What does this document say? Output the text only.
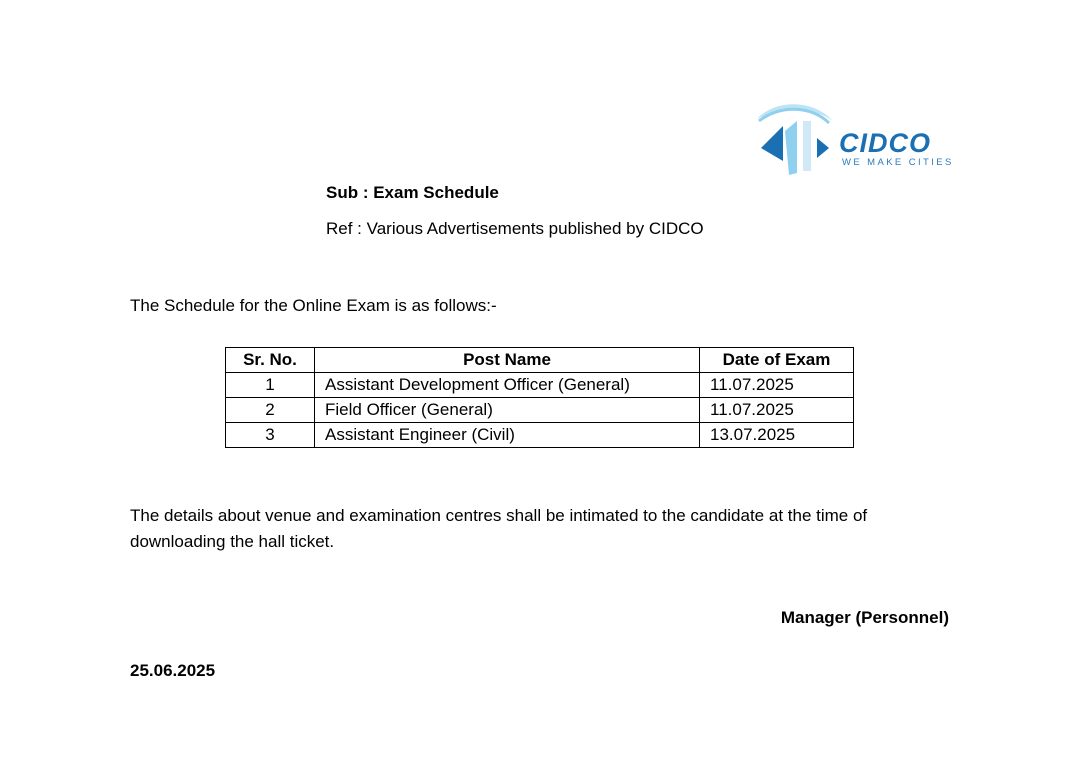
CIDCO
WE MAKE CITIES
Sub : Exam Schedule
Ref : Various Advertisements published by CIDCO
The Schedule for the Online Exam is as follows:-
Sr. No.	Post Name	Date of Exam
1	Assistant Development Officer (General)	11.07.2025
2	Field Officer (General)	11.07.2025
3	Assistant Engineer (Civil)	13.07.2025
The details about venue and examination centres shall be intimated to the candidate at the time of downloading the hall ticket.
Manager (Personnel)
25.06.2025
